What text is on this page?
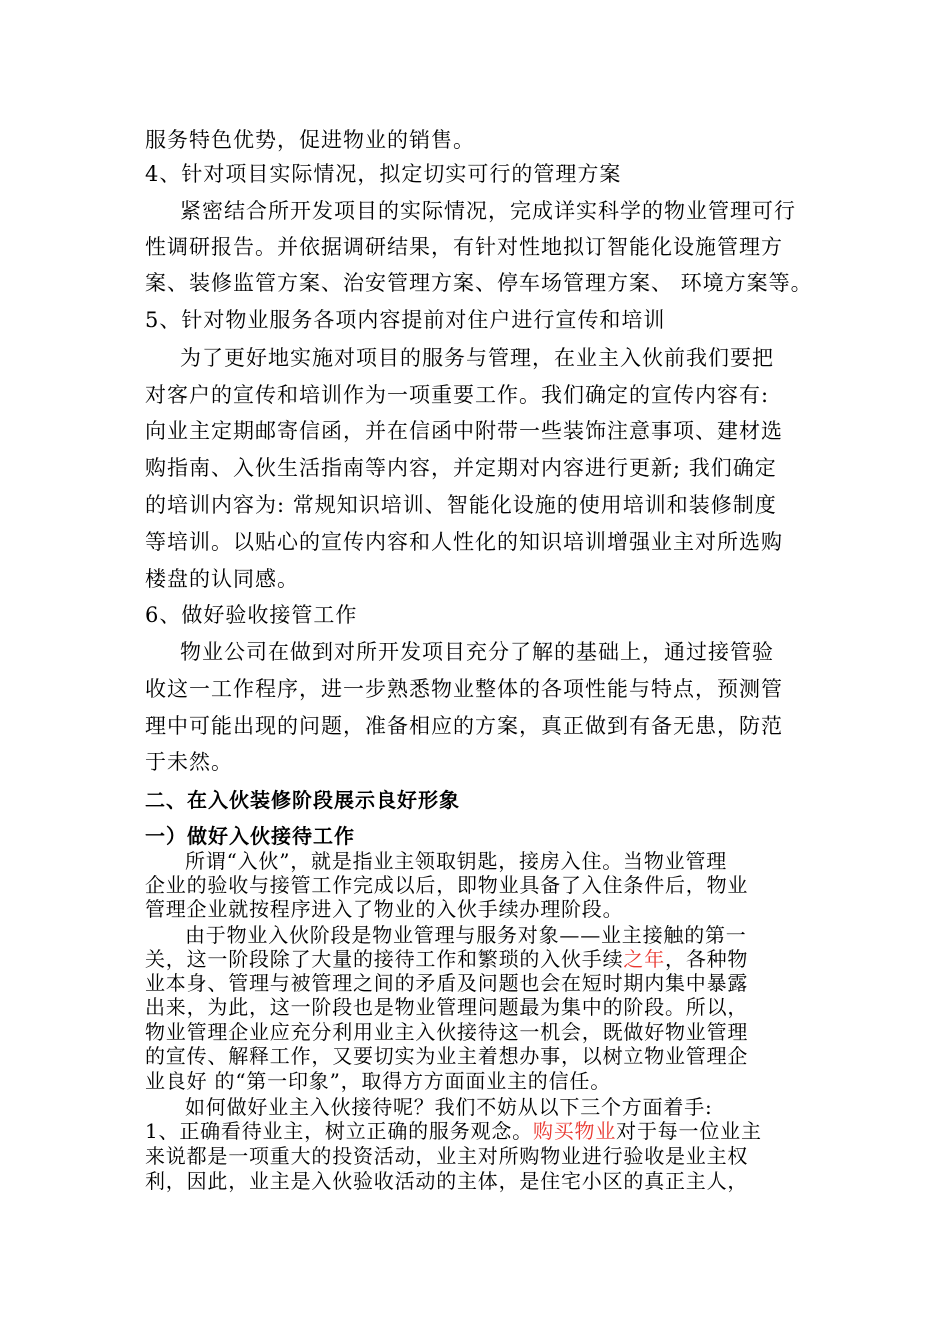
服务特色优势，促进物业的销售。
4、针对项目实际情况，拟定切实可行的管理方案
紧密结合所开发项目的实际情况，完成详实科学的物业管理可行
性调研报告。并依据调研结果，有针对性地拟订智能化设施管理方
案、装修监管方案、治安管理方案、停车场管理方案、 环境方案等。
5、针对物业服务各项内容提前对住户进行宣传和培训
为了更好地实施对项目的服务与管理，在业主入伙前我们要把
对客户的宣传和培训作为一项重要工作。我们确定的宣传内容有:
向业主定期邮寄信函，并在信函中附带一些装饰注意事项、建材选
购指南、入伙生活指南等内容，并定期对内容进行更新; 我们确定
的培训内容为: 常规知识培训、智能化设施的使用培训和装修制度
等培训。以贴心的宣传内容和人性化的知识培训增强业主对所选购
楼盘的认同感。
6、做好验收接管工作
物业公司在做到对所开发项目充分了解的基础上，通过接管验
收这一工作程序，进一步熟悉物业整体的各项性能与特点，预测管
理中可能出现的问题，准备相应的方案，真正做到有备无患，防范
于未然。
二、在入伙装修阶段展示良好形象
一）做好入伙接待工作
所谓“入伙”，就是指业主领取钥匙，接房入住。当物业管理
企业的验收与接管工作完成以后，即物业具备了入住条件后，物业
管理企业就按程序进入了物业的入伙手续办理阶段。
由于物业入伙阶段是物业管理与服务对象——业主接触的第一
关，这一阶段除了大量的接待工作和繁琐的入伙手续之年，各种物
业本身、管理与被管理之间的矛盾及问题也会在短时期内集中暴露
出来，为此，这一阶段也是物业管理问题最为集中的阶段。所以，
物业管理企业应充分利用业主入伙接待这一机会，既做好物业管理
的宣传、解释工作，又要切实为业主着想办事，以树立物业管理企
业良好 的“第一印象”，取得方方面面业主的信任。
如何做好业主入伙接待呢？我们不妨从以下三个方面着手:
1、正确看待业主，树立正确的服务观念。购买物业对于每一位业主
来说都是一项重大的投资活动，业主对所购物业进行验收是业主权
利，因此，业主是入伙验收活动的主体，是住宅小区的真正主人，
